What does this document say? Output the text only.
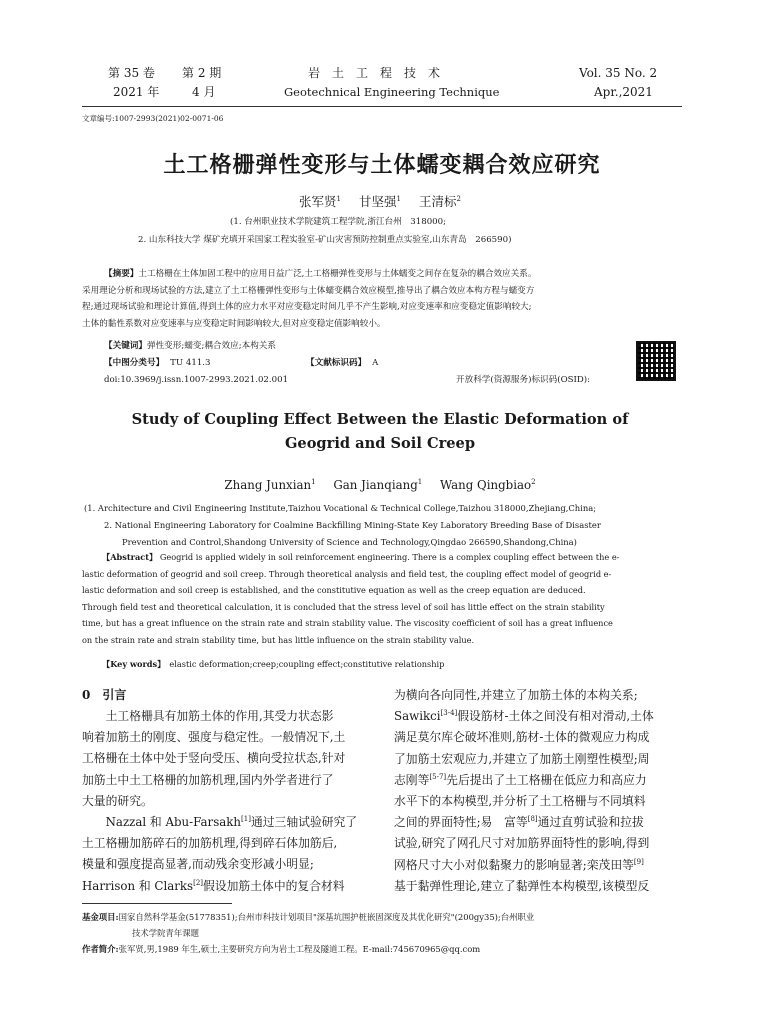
第 35 卷 第 2 期
2021 年	4 月
岩　土　工　程　技　术
Geotechnical Engineering Technique
Vol. 35 No. 2
Apr.,2021
文章编号:1007-2993(2021)02-0071-06
土工格栅弹性变形与土体蠕变耦合效应研究
张军贤$^1$ 甘坚强$^1$ 王清标$^2$
(1. 台州职业技术学院建筑工程学院,浙江台州　318000;
2. 山东科技大学 煤矿充填开采国家工程实验室-矿山灾害预防控制重点实验室,山东青岛　266590)
【摘要】土工格栅在土体加固工程中的应用日益广泛,土工格栅弹性变形与土体蠕变之间存在复杂的耦合效应关系。
采用理论分析和现场试验的方法,建立了土工格栅弹性变形与土体蠕变耦合效应模型,推导出了耦合效应本构方程与蠕变方
程;通过现场试验和理论计算值,得到土体的应力水平对应变稳定时间几乎不产生影响,对应变速率和应变稳定值影响较大;
土体的黏性系数对应变速率与应变稳定时间影响较大,但对应变稳定值影响较小。
【关键词】弹性变形;蠕变;耦合效应;本构关系
【中图分类号】 TU 411.3	【文献标识码】 A
doi:10.3969/j.issn.1007-2993.2021.02.001	开放科学(资源服务)标识码(OSID):
Study of Coupling Effect Between the Elastic Deformation of
Geogrid and Soil Creep
Zhang Junxian$^1$ Gan Jianqiang$^1$ Wang Qingbiao$^2$
(1. Architecture and Civil Engineering Institute,Taizhou Vocational & Technical College,Taizhou 318000,Zhejiang,China;
2. National Engineering Laboratory for Coalmine Backfilling Mining-State Key Laboratory Breeding Base of Disaster
Prevention and Control,Shandong University of Science and Technology,Qingdao 266590,Shandong,China)
【Abstract】 Geogrid is applied widely in soil reinforcement engineering. There is a complex coupling effect between the e-
lastic deformation of geogrid and soil creep. Through theoretical analysis and field test, the coupling effect model of geogrid e-
lastic deformation and soil creep is established, and the constitutive equation as well as the creep equation are deduced.
Through field test and theoretical calculation, it is concluded that the stress level of soil has little effect on the strain stability
time, but has a great influence on the strain rate and strain stability value. The viscosity coefficient of soil has a great influence
on the strain rate and strain stability time, but has little influence on the strain stability value.
【Key words】　 elastic deformation;creep;coupling effect;constitutive relationship
0 引言
土工格栅具有加筋土体的作用,其受力状态影
响着加筋土的刚度、强度与稳定性。一般情况下,土
工格栅在土体中处于竖向受压、横向受拉状态,针对
加筋土中土工格栅的加筋机理,国内外学者进行了
大量的研究。
Nazzal 和 Abu-Farsakh[1]通过三轴试验研究了
土工格栅加筋碎石的加筋机理,得到碎石体加筋后,
模量和强度提高显著,而动残余变形减小明显;
Harrison 和 Clarks[2]假设加筋土体中的复合材料
为横向各向同性,并建立了加筋土体的本构关系;
Sawikci[3-4]假设筋材-土体之间没有相对滑动,土体
满足莫尔库仑破坏准则,筋材-土体的微观应力构成
了加筋土宏观应力,并建立了加筋土刚塑性模型;周
志刚等[5-7]先后提出了土工格栅在低应力和高应力
水平下的本构模型,并分析了土工格栅与不同填料
之间的界面特性;易　富等[8]通过直剪试验和拉拔
试验,研究了网孔尺寸对加筋界面特性的影响,得到
网格尺寸大小对似黏聚力的影响显著;栾茂田等[9]
基于黏弹性理论,建立了黏弹性本构模型,该模型反
基金项目:国家自然科学基金(51778351);台州市科技计划项目"深基坑围护桩嵌固深度及其优化研究"(200gy35);台州职业
技术学院青年课题
作者简介:张军贤,男,1989 年生,硕士,主要研究方向为岩土工程及隧道工程。E-mail:745670965@qq.com
